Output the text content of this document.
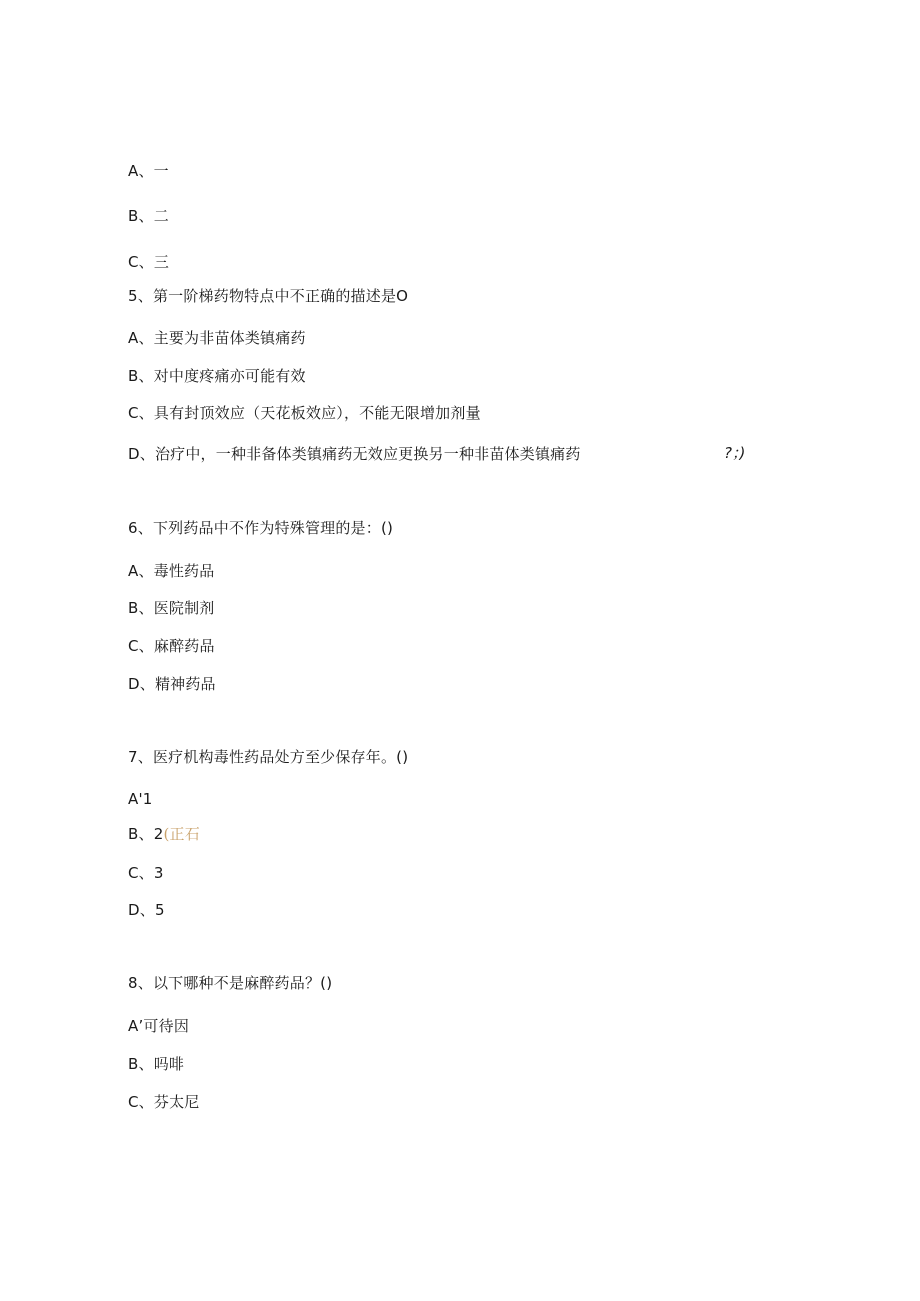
A、一
B、二
C、三
5、第一阶梯药物特点中不正确的描述是O
A、主要为非苗体类镇痛药
B、对中度疼痛亦可能有效
C、具有封顶效应（天花板效应），不能无限增加剂量
D、治疗中，一种非备体类镇痛药无效应更换另一种非苗体类镇痛药	?；)
6、下列药品中不作为特殊管理的是：()
A、毒性药品
B、医院制剂
C、麻醉药品
D、精神药品
7、医疗机构毒性药品处方至少保存年。()
A'1
B、2(正石
C、3
D、5
8、以下哪种不是麻醉药品？()
A’可待因
B、吗啡
C、芬太尼
